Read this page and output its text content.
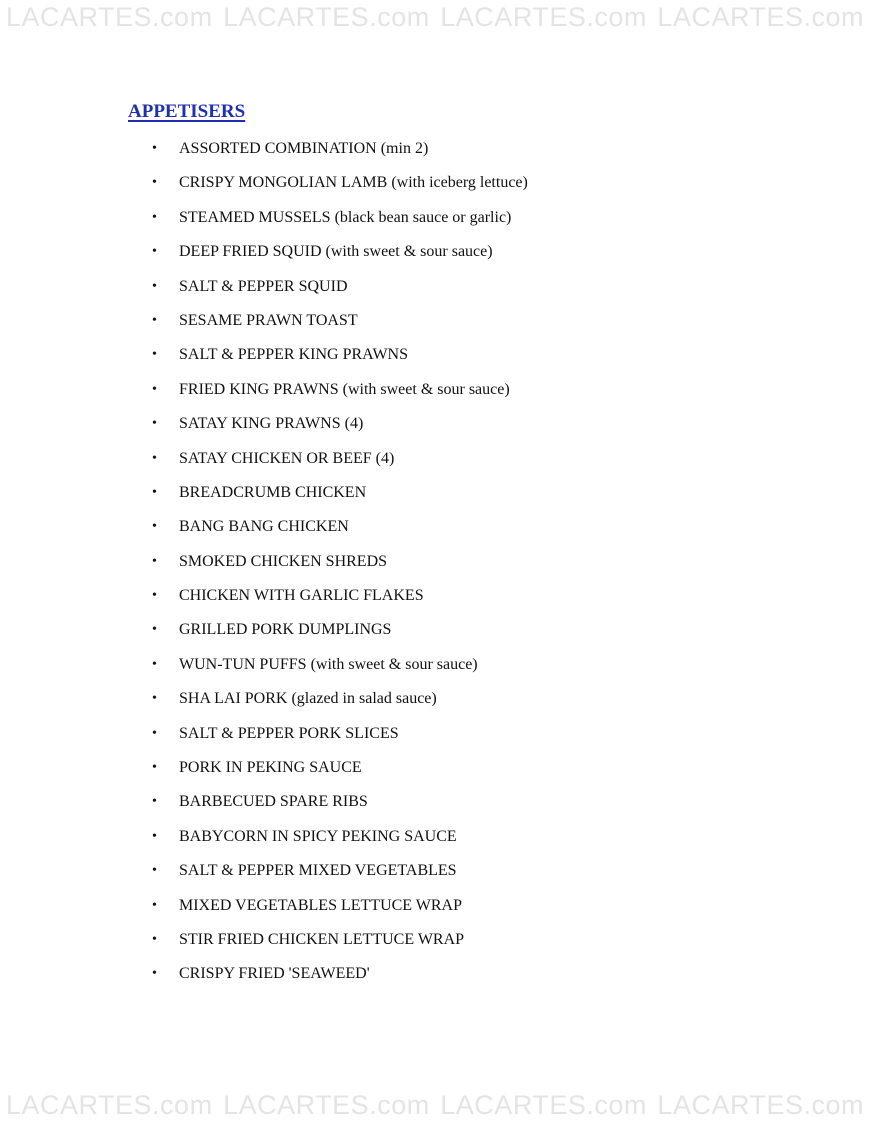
LACARTES.com LACARTES.com LACARTES.com LACARTES.com
APPETISERS
• ASSORTED COMBINATION (min 2)
• CRISPY MONGOLIAN LAMB (with iceberg lettuce)
• STEAMED MUSSELS (black bean sauce or garlic)
• DEEP FRIED SQUID (with sweet & sour sauce)
• SALT & PEPPER SQUID
• SESAME PRAWN TOAST
• SALT & PEPPER KING PRAWNS
• FRIED KING PRAWNS (with sweet & sour sauce)
• SATAY KING PRAWNS (4)
• SATAY CHICKEN OR BEEF (4)
• BREADCRUMB CHICKEN
• BANG BANG CHICKEN
• SMOKED CHICKEN SHREDS
• CHICKEN WITH GARLIC FLAKES
• GRILLED PORK DUMPLINGS
• WUN-TUN PUFFS (with sweet & sour sauce)
• SHA LAI PORK (glazed in salad sauce)
• SALT & PEPPER PORK SLICES
• PORK IN PEKING SAUCE
• BARBECUED SPARE RIBS
• BABYCORN IN SPICY PEKING SAUCE
• SALT & PEPPER MIXED VEGETABLES
• MIXED VEGETABLES LETTUCE WRAP
• STIR FRIED CHICKEN LETTUCE WRAP
• CRISPY FRIED 'SEAWEED'
LACARTES.com LACARTES.com LACARTES.com LACARTES.com
